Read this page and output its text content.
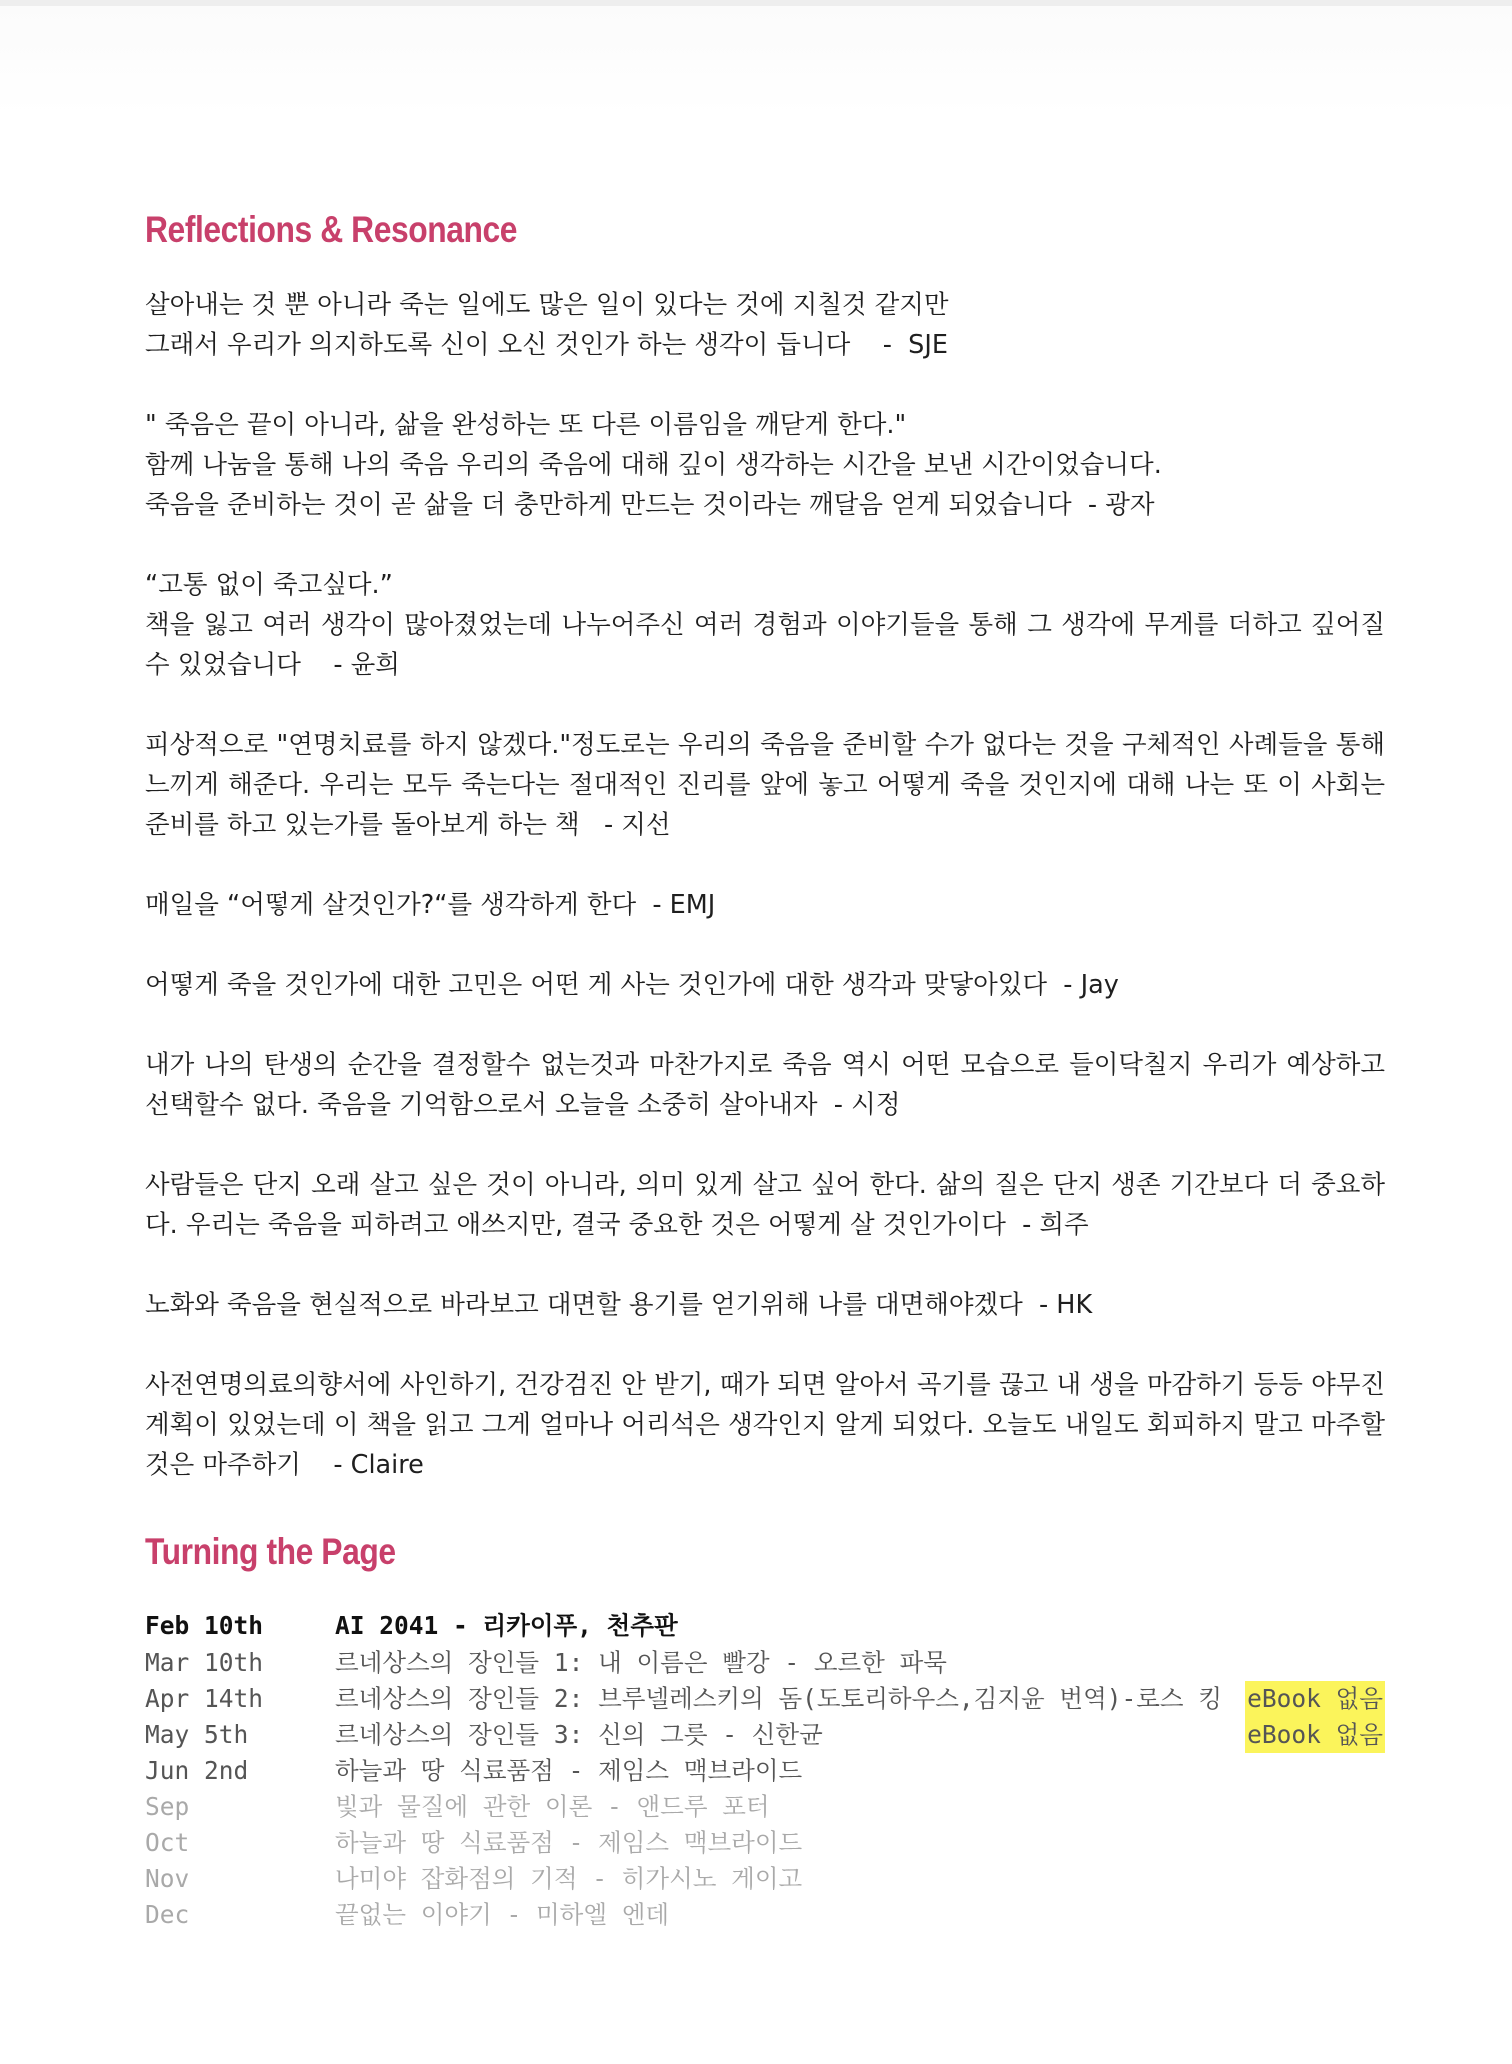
Reflections & Resonance

살아내는 것 뿐 아니라 죽는 일에도 많은 일이 있다는 것에 지칠것 같지만
그래서 우리가 의지하도록 신이 오신 것인가 하는 생각이 듭니다    -  SJE

" 죽음은 끝이 아니라, 삶을 완성하는 또 다른 이름임을 깨닫게 한다."
함께 나눔을 통해 나의 죽음 우리의 죽음에 대해 깊이 생각하는 시간을 보낸 시간이었습니다.
죽음을 준비하는 것이 곧 삶을 더 충만하게 만드는 것이라는 깨달음 얻게 되었습니다  - 광자

“고통 없이 죽고싶다.”
책을 잃고 여러 생각이 많아졌었는데 나누어주신 여러 경험과 이야기들을 통해 그 생각에 무게를 더하고 깊어질수 있었습니다    - 윤희

피상적으로 "연명치료를 하지 않겠다."정도로는 우리의 죽음을 준비할 수가 없다는 것을 구체적인 사례들을 통해 느끼게 해준다. 우리는 모두 죽는다는 절대적인 진리를 앞에 놓고 어떻게 죽을 것인지에 대해 나는 또 이 사회는 준비를 하고 있는가를 돌아보게 하는 책   - 지선

매일을 “어떻게 살것인가?“를 생각하게 한다  - EMJ

어떻게 죽을 것인가에 대한 고민은 어떤 게 사는 것인가에 대한 생각과 맞닿아있다  - Jay

내가 나의 탄생의 순간을 결정할수 없는것과 마찬가지로 죽음 역시 어떤 모습으로 들이닥칠지 우리가 예상하고 선택할수 없다. 죽음을 기억함으로서 오늘을 소중히 살아내자  - 시정

사람들은 단지 오래 살고 싶은 것이 아니라, 의미 있게 살고 싶어 한다. 삶의 질은 단지 생존 기간보다 더 중요하다. 우리는 죽음을 피하려고 애쓰지만, 결국 중요한 것은 어떻게 살 것인가이다  - 희주

노화와 죽음을 현실적으로 바라보고 대면할 용기를 얻기위해 나를 대면해야겠다  - HK

사전연명의료의향서에 사인하기, 건강검진 안 받기, 때가 되면 알아서 곡기를 끊고 내 생을 마감하기 등등 야무진 계획이 있었는데 이 책을 읽고 그게 얼마나 어리석은 생각인지 알게 되었다. 오늘도 내일도 회피하지 말고 마주할 것은 마주하기    - Claire

Turning the Page
Feb 10th	AI 2041 - 리카이푸, 천추판
Mar 10th	르네상스의 장인들 1: 내 이름은 빨강 - 오르한 파묵
Apr 14th	르네상스의 장인들 2: 브루넬레스키의 돔(도토리하우스,김지윤 번역)-로스 킹	eBook 없음
May 5th	르네상스의 장인들 3: 신의 그릇 - 신한균	eBook 없음
Jun 2nd	하늘과 땅 식료품점 - 제임스 맥브라이드
Sep	빛과 물질에 관한 이론 - 앤드루 포터
Oct	하늘과 땅 식료품점 - 제임스 맥브라이드
Nov	나미야 잡화점의 기적 - 히가시노 게이고
Dec	끝없는 이야기 - 미하엘 엔데
